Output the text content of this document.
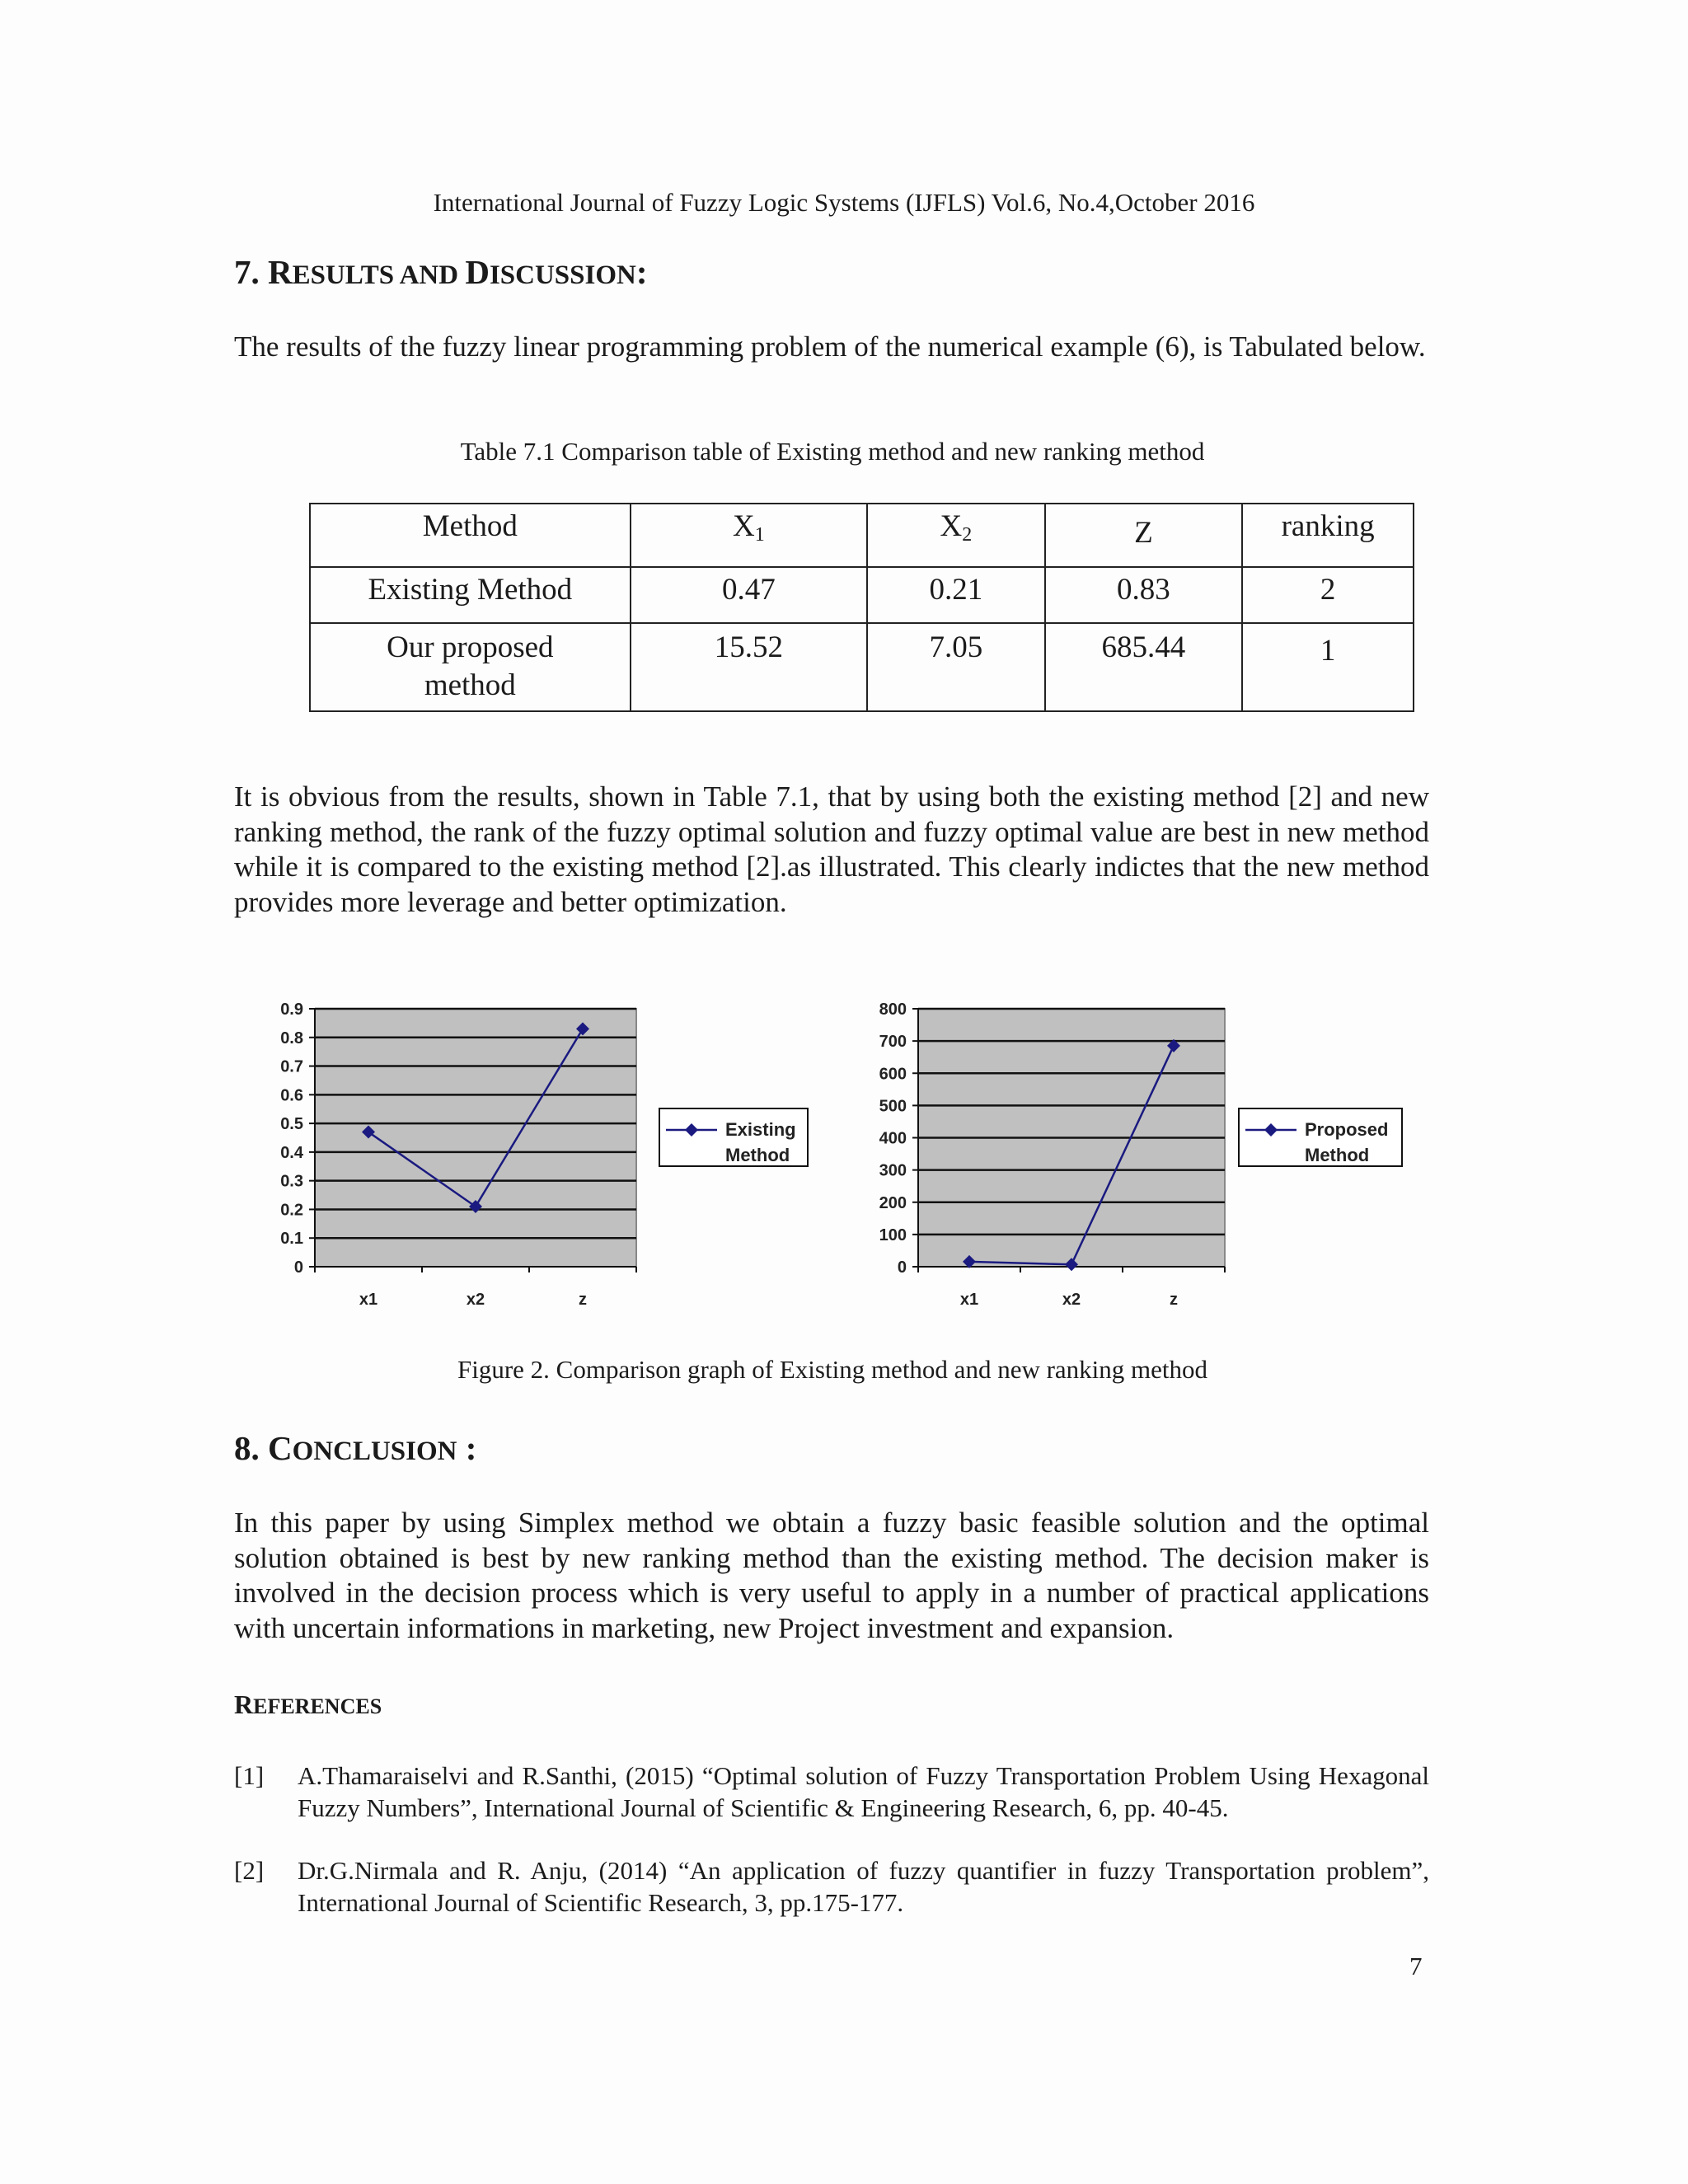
International Journal of Fuzzy Logic Systems (IJFLS) Vol.6, No.4,October 2016
7. RESULTS AND DISCUSSION:
The results of the fuzzy linear programming problem of the numerical example (6), is Tabulated below.
Table 7.1 Comparison table of Existing method and new ranking method
Method	$X_1$	$X_2$	Z	ranking
Existing Method	0.47	0.21	0.83	2
Our proposed method	15.52	7.05	685.44	1
It is obvious from the results, shown in Table 7.1, that by using both the existing method [2] and new ranking method, the rank of the fuzzy optimal solution and fuzzy optimal value are best in new method while it is compared to the existing method [2].as illustrated. This clearly indictes that the new method provides more leverage and better optimization.
0
0.1
0.2
0.3
0.4
0.5
0.6
0.7
0.8
0.9
x1	x2	z
Existing
Method
0
100
200
300
400
500
600
700
800
x1	x2	z
Proposed
Method
Figure 2. Comparison graph of Existing method and new ranking method
8. CONCLUSION :
In this paper by using Simplex method we obtain a fuzzy basic feasible solution and the optimal solution obtained is best by new ranking method than the existing method. The decision maker is involved in the decision process which is very useful to apply in a number of practical applications with uncertain informations in marketing, new Project investment and expansion.
REFERENCES
[1] A.Thamaraiselvi and R.Santhi, (2015) “Optimal solution of Fuzzy Transportation Problem Using Hexagonal Fuzzy Numbers”, International Journal of Scientific & Engineering Research, 6, pp. 40-45.
[2] Dr.G.Nirmala and R. Anju, (2014) “An application of fuzzy quantifier in fuzzy Transportation problem”, International Journal of Scientific Research, 3, pp.175-177.
7
